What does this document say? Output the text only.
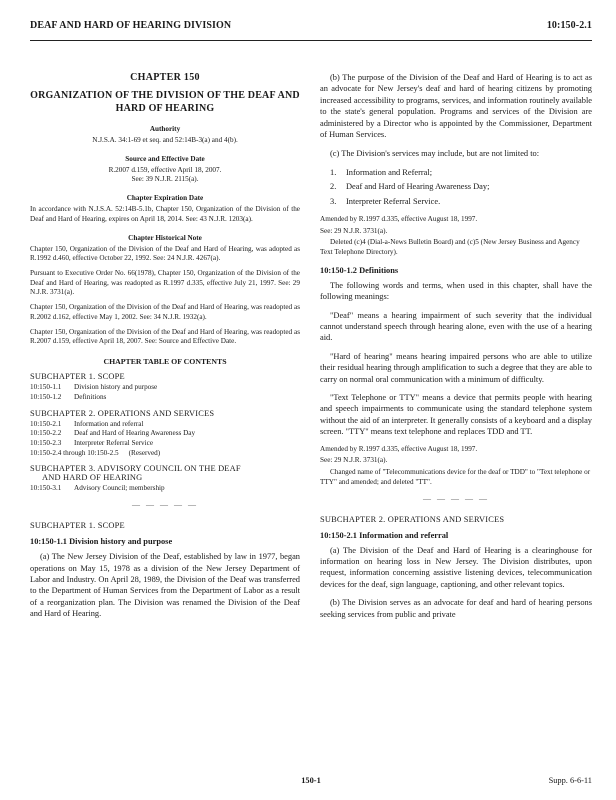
DEAF AND HARD OF HEARING DIVISION	10:150-2.1
CHAPTER 150
ORGANIZATION OF THE DIVISION OF THE DEAF AND HARD OF HEARING
Authority

N.J.S.A. 34:1-69 et seq. and 52:14B-3(a) and 4(b).

Source and Effective Date

R.2007 d.159, effective April 18, 2007.

See: 39 N.J.R. 2115(a).

Chapter Expiration Date

In accordance with N.J.S.A. 52:14B-5.1b, Chapter 150, Organization of the Division of the Deaf and Hard of Hearing, expires on April 18, 2014. See: 43 N.J.R. 1203(a).

Chapter Historical Note

Chapter 150, Organization of the Division of the Deaf and Hard of Hearing, was adopted as R.1992 d.460, effective October 22, 1992. See: 24 N.J.R. 4267(a).

Pursuant to Executive Order No. 66(1978), Chapter 150, Organization of the Division of the Deaf and Hard of Hearing, was readopted as R.1997 d.335, effective July 21, 1997. See: 29 N.J.R. 3731(a).

Chapter 150, Organization of the Division of the Deaf and Hard of Hearing, was readopted as R.2002 d.162, effective May 1, 2002. See: 34 N.J.R. 1932(a).

Chapter 150, Organization of the Division of the Deaf and Hard of Hearing, was readopted as R.2007 d.159, effective April 18, 2007. See: Source and Effective Date.

CHAPTER TABLE OF CONTENTS
SUBCHAPTER 1. SCOPE
10:150-1.1	Division history and purpose
10:150-1.2	Definitions
SUBCHAPTER 2. OPERATIONS AND SERVICES
10:150-2.1	Information and referral
10:150-2.2	Deaf and Hard of Hearing Awareness Day
10:150-2.3	Interpreter Referral Service
10:150-2.4 through 10:150-2.5 (Reserved)
SUBCHAPTER 3. ADVISORY COUNCIL ON THE DEAF
AND HARD OF HEARING
10:150-3.1	Advisory Council; membership
— — — — —
SUBCHAPTER 1. SCOPE
10:150-1.1 Division history and purpose

(a) The New Jersey Division of the Deaf, established by law in 1977, began operations on May 15, 1978 as a division of the New Jersey Department of Labor and Industry. On April 28, 1989, the Division of the Deaf was transferred to the Department of Human Services from the Department of Labor as a result of a reorganization plan. The Division was renamed the Division of the Deaf and Hard of Hearing.

(b) The purpose of the Division of the Deaf and Hard of Hearing is to act as an advocate for New Jersey's deaf and hard of hearing citizens by promoting increased accessibility to programs, services, and information routinely available to the state's general population. Programs and services of the Division are administered by a Director who is appointed by the Commissioner, Department of Human Services.

(c) The Division's services may include, but are not limited to:

1.	Information and Referral;
2.	Deaf and Hard of Hearing Awareness Day;
3.	Interpreter Referral Service.

Amended by R.1997 d.335, effective August 18, 1997.

See: 29 N.J.R. 3731(a).

Deleted (c)4 (Dial-a-News Bulletin Board) and (c)5 (New Jersey Business and Agency Text Telephone Directory).

10:150-1.2 Definitions

The following words and terms, when used in this chapter, shall have the following meanings:

"Deaf" means a hearing impairment of such severity that the individual cannot understand speech through hearing alone, even with the use of a hearing aid.

"Hard of hearing" means hearing impaired persons who are able to utilize their residual hearing through amplification to such a degree that they are able to carry on normal oral communication with a minimum of difficulty.

"Text Telephone or TTY" means a device that permits people with hearing and speech impairments to communicate using the standard telephone system without the aid of an interpreter. It generally consists of a keyboard and a display screen. "TTY" means text telephone and replaces TDD and TT.

Amended by R.1997 d.335, effective August 18, 1997.

See: 29 N.J.R. 3731(a).

Changed name of "Telecommunications device for the deaf or TDD" to "Text telephone or TTY" and amended; and deleted "TT".

— — — — —
SUBCHAPTER 2. OPERATIONS AND SERVICES
10:150-2.1 Information and referral

(a) The Division of the Deaf and Hard of Hearing is a clearinghouse for information on hearing loss in New Jersey. The Division distributes, upon request, information concerning assistive listening devices, telecommunication devices for the deaf, sign language, captioning, and other relevant topics.

(b) The Division serves as an advocate for deaf and hard of hearing persons seeking services from public and private

150-1	Supp. 6-6-11
